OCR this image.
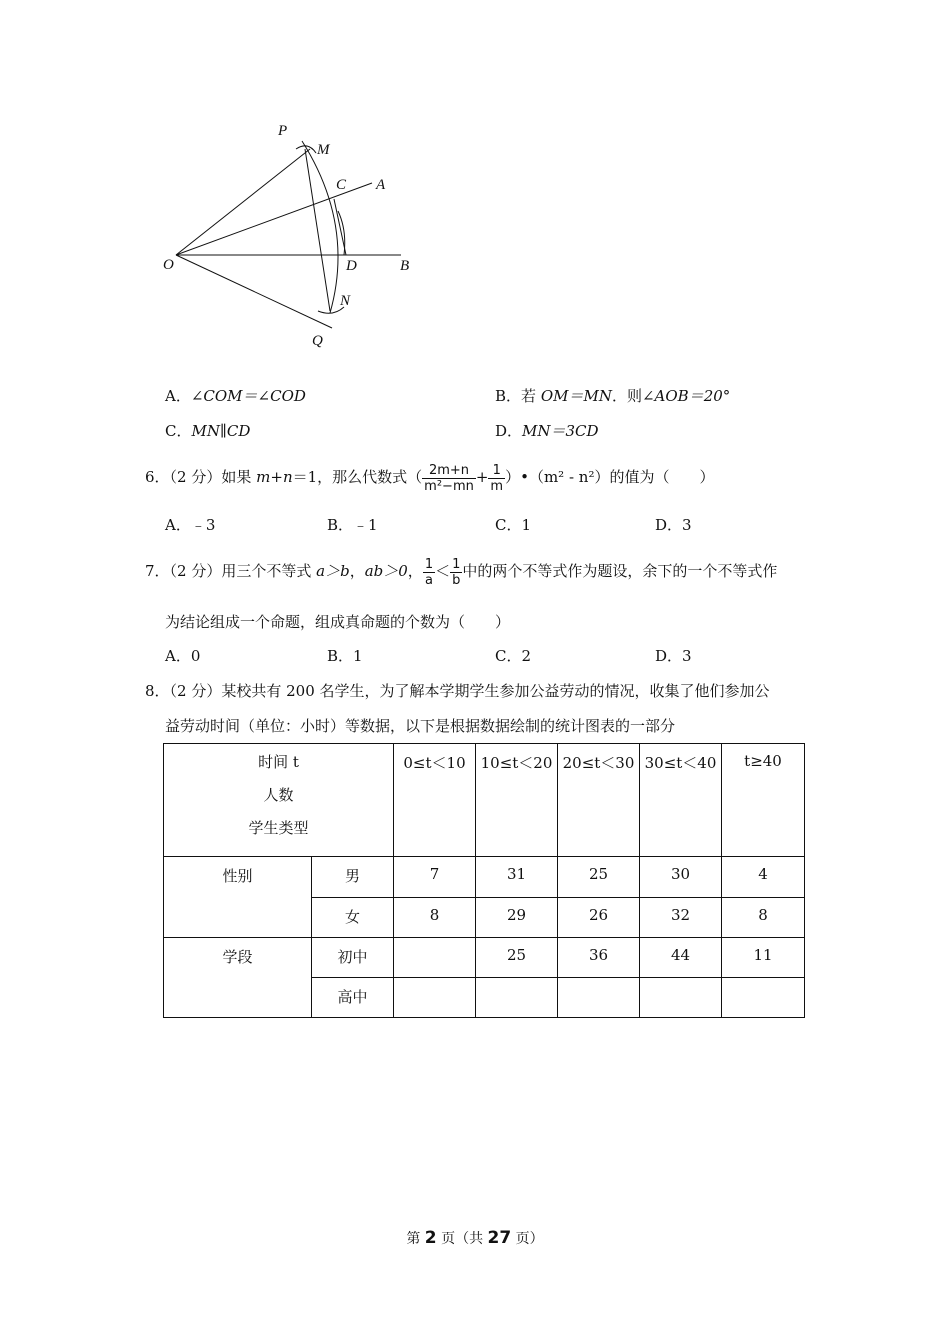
P
M
C A
O	D	B
N
Q
A．∠COM＝∠COD	B．若 OM＝MN．则∠AOB＝20°
C．MN∥CD	D．MN＝3CD
6．（2 分）如果 m+n＝1，那么代数式（ $\frac{2m+n}{\text{m²−mn}} + \frac{1}{m}$ ）•（m² - n²）的值为（　　）
A．﹣3	B．﹣1	C．1	D．3
7．（2 分）用三个不等式 a＞b，ab＞0， $\frac{1}{a} < \frac{1}{b}$ 中的两个不等式作为题设，余下的一个不等式作
为结论组成一个命题，组成真命题的个数为（　　）
A．0	B．1	C．2	D．3
8．（2 分）某校共有 200 名学生，为了解本学期学生参加公益劳动的情况，收集了他们参加公
益劳动时间（单位：小时）等数据，以下是根据数据绘制的统计图表的一部分
时间 t
人数
学生类型		0≤t＜10	10≤t＜20	20≤t＜30	30≤t＜40	t≥40
性别	男	7	31	25	30	4
	女	8	29	26	32	8
学段	初中		25	36	44	11
	高中					
第 2 页（共 27 页）
